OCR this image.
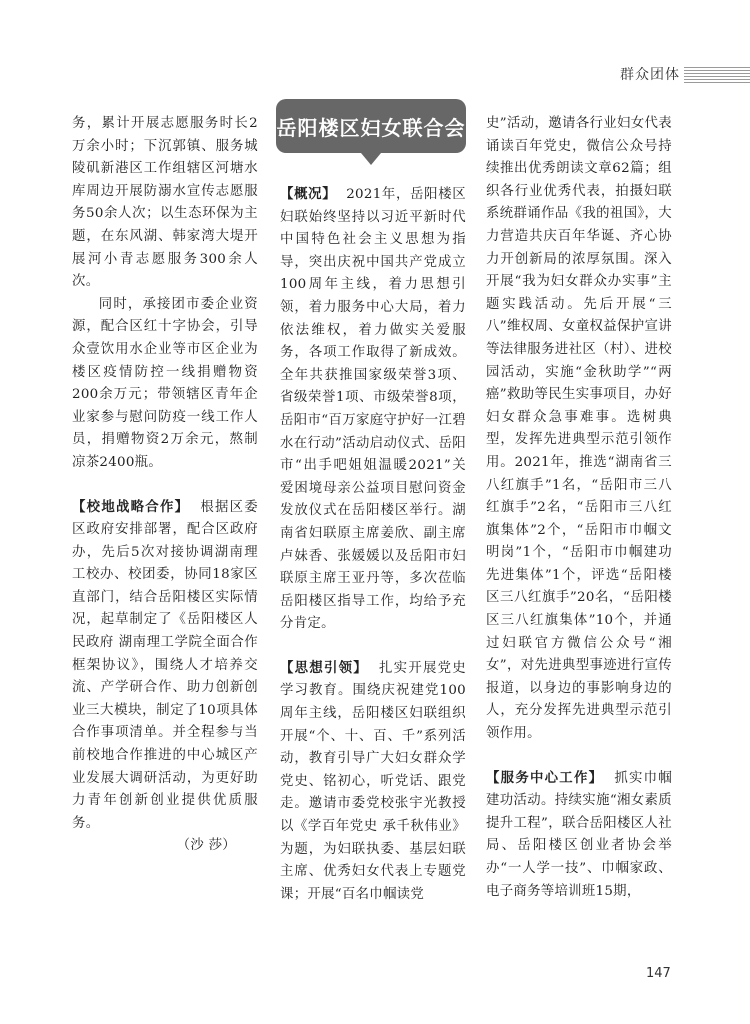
群众团体

务，累计开展志愿服务时长2万余小时；下沉郭镇、服务城陵矶新港区工作组辖区河塘水库周边开展防溺水宣传志愿服务50余人次；以生态环保为主题，在东风湖、韩家湾大堤开展河小青志愿服务300余人次。

同时，承接团市委企业资源，配合区红十字协会，引导众壹饮用水企业等市区企业为楼区疫情防控一线捐赠物资200余万元；带领辖区青年企业家参与慰问防疫一线工作人员，捐赠物资2万余元，熬制凉茶2400瓶。

【校地战略合作】 根据区委区政府安排部署，配合区政府办，先后5次对接协调湖南理工校办、校团委，协同18家区直部门，结合岳阳楼区实际情况，起草制定了《岳阳楼区人民政府 湖南理工学院全面合作框架协议》，围绕人才培养交流、产学研合作、助力创新创业三大模块，制定了10项具体合作事项清单。并全程参与当前校地合作推进的中心城区产业发展大调研活动，为更好助力青年创新创业提供优质服务。

（沙 莎）

岳阳楼区妇女联合会

【概况】 2021年，岳阳楼区妇联始终坚持以习近平新时代中国特色社会主义思想为指导，突出庆祝中国共产党成立100周年主线，着力思想引领，着力服务中心大局，着力依法维权，着力做实关爱服务，各项工作取得了新成效。全年共获推国家级荣誉3项、省级荣誉1项、市级荣誉8项，岳阳市“百万家庭守护好一江碧水在行动”活动启动仪式、岳阳市“出手吧姐姐温暖2021”关爱困境母亲公益项目慰问资金发放仪式在岳阳楼区举行。湖南省妇联原主席姜欣、副主席卢妹香、张媛媛以及岳阳市妇联原主席王亚丹等，多次莅临岳阳楼区指导工作，均给予充分肯定。

【思想引领】 扎实开展党史学习教育。围绕庆祝建党100周年主线，岳阳楼区妇联组织开展“个、十、百、千”系列活动，教育引导广大妇女群众学党史、铭初心，听党话、跟党走。邀请市委党校张宇光教授以《学百年党史 承千秋伟业》为题，为妇联执委、基层妇联主席、优秀妇女代表上专题党课；开展“百名巾帼读党

史”活动，邀请各行业妇女代表诵读百年党史，微信公众号持续推出优秀朗读文章62篇；组织各行业优秀代表，拍摄妇联系统群诵作品《我的祖国》，大力营造共庆百年华诞、齐心协力开创新局的浓厚氛围。深入开展“我为妇女群众办实事”主题实践活动。先后开展“三八”维权周、女童权益保护宣讲等法律服务进社区（村）、进校园活动，实施“金秋助学”“两癌”救助等民生实事项目，办好妇女群众急事难事。选树典型，发挥先进典型示范引领作用。2021年，推选“湖南省三八红旗手”1名，“岳阳市三八红旗手”2名，“岳阳市三八红旗集体”2个，“岳阳市巾帼文明岗”1个，“岳阳市巾帼建功先进集体”1个，评选“岳阳楼区三八红旗手”20名，“岳阳楼区三八红旗集体”10个，并通过妇联官方微信公众号“湘女”，对先进典型事迹进行宣传报道，以身边的事影响身边的人，充分发挥先进典型示范引领作用。

【服务中心工作】 抓实巾帼建功活动。持续实施“湘女素质提升工程”，联合岳阳楼区人社局、岳阳楼区创业者协会举办“一人学一技”、巾帼家政、电子商务等培训班15期，

147
